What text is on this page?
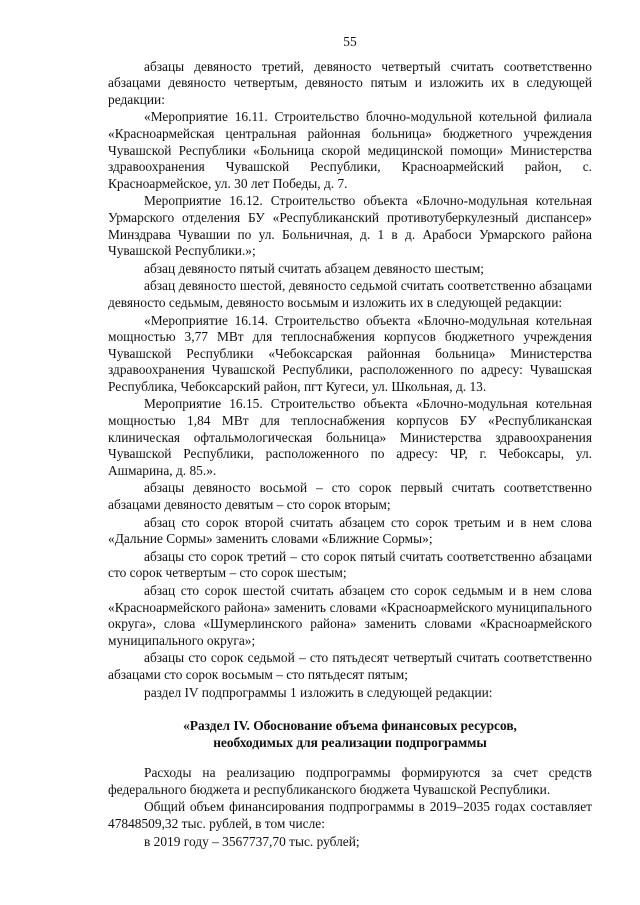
55

абзацы девяносто третий, девяносто четвертый считать соответственно абзацами девяносто четвертым, девяносто пятым и изложить их в следующей редакции:

«Мероприятие 16.11. Строительство блочно-модульной котельной филиала «Красноармейская центральная районная больница» бюджетного учреждения Чувашской Республики «Больница скорой медицинской помощи» Министерства здравоохранения Чувашской Республики, Красноармейский район, с. Красноармейское, ул. 30 лет Победы, д. 7.

Мероприятие 16.12. Строительство объекта «Блочно-модульная котельная Урмарского отделения БУ «Республиканский противотуберкулезный диспансер» Минздрава Чувашии по ул. Больничная, д. 1 в д. Арабоси Урмарского района Чувашской Республики.»;

абзац девяносто пятый считать абзацем девяносто шестым;

абзац девяносто шестой, девяносто седьмой считать соответственно абзацами девяносто седьмым, девяносто восьмым и изложить их в следующей редакции:

«Мероприятие 16.14. Строительство объекта «Блочно-модульная котельная мощностью 3,77 МВт для теплоснабжения корпусов бюджетного учреждения Чувашской Республики «Чебоксарская районная больница» Министерства здравоохранения Чувашской Республики, расположенного по адресу: Чувашская Республика, Чебоксарский район, пгт Кугеси, ул. Школьная, д. 13.

Мероприятие 16.15. Строительство объекта «Блочно-модульная котельная мощностью 1,84 МВт для теплоснабжения корпусов БУ «Республиканская клиническая офтальмологическая больница» Министерства здравоохранения Чувашской Республики, расположенного по адресу: ЧР, г. Чебоксары, ул. Ашмарина, д. 85.».

абзацы девяносто восьмой – сто сорок первый считать соответственно абзацами девяносто девятым – сто сорок вторым;

абзац сто сорок второй считать абзацем сто сорок третьим и в нем слова «Дальние Сормы» заменить словами «Ближние Сормы»;

абзацы сто сорок третий – сто сорок пятый считать соответственно абзацами сто сорок четвертым – сто сорок шестым;

абзац сто сорок шестой считать абзацем сто сорок седьмым и в нем слова «Красноармейского района» заменить словами «Красноармейского муниципального округа», слова «Шумерлинского района» заменить словами «Красноармейского муниципального округа»;

абзацы сто сорок седьмой – сто пятьдесят четвертый считать соответственно абзацами сто сорок восьмым – сто пятьдесят пятым;

раздел IV подпрограммы 1 изложить в следующей редакции:

«Раздел IV. Обоснование объема финансовых ресурсов,
необходимых для реализации подпрограммы

Расходы на реализацию подпрограммы формируются за счет средств федерального бюджета и республиканского бюджета Чувашской Республики.

Общий объем финансирования подпрограммы в 2019–2035 годах составляет 47848509,32 тыс. рублей, в том числе:

в 2019 году – 3567737,70 тыс. рублей;
